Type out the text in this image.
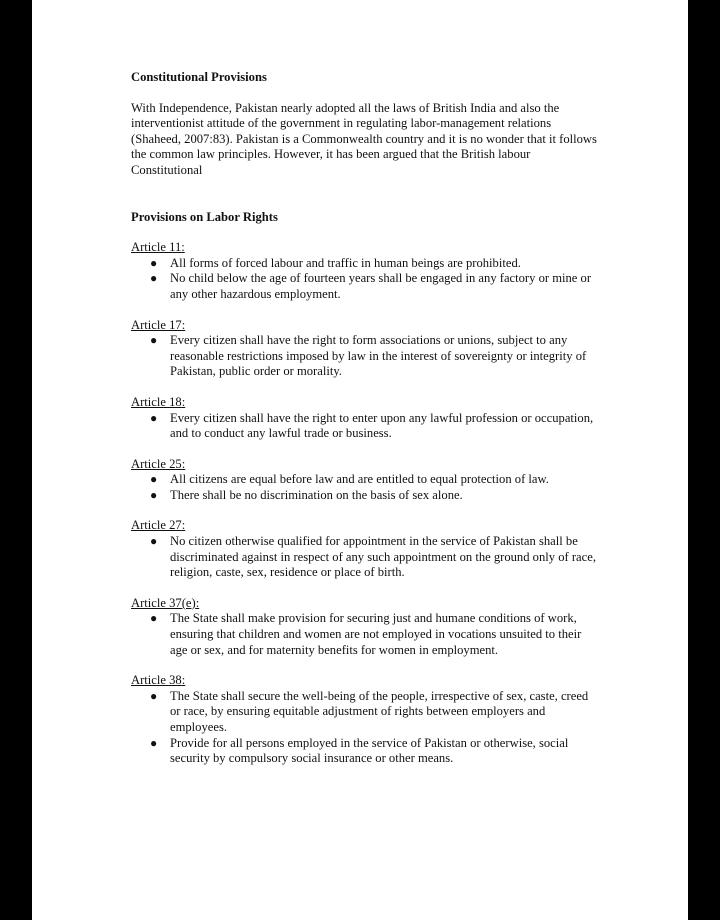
Constitutional Provisions

With Independence, Pakistan nearly adopted all the laws of British India and also the interventionist attitude of the government in regulating labor-management relations (Shaheed, 2007:83). Pakistan is a Commonwealth country and it is no wonder that it follows the common law principles. However, it has been argued that the British labour Constitutional

Provisions on Labor Rights

Article 11:

● All forms of forced labour and traffic in human beings are prohibited.
● No child below the age of fourteen years shall be engaged in any factory or mine or any other hazardous employment.

Article 17:

● Every citizen shall have the right to form associations or unions, subject to any reasonable restrictions imposed by law in the interest of sovereignty or integrity of Pakistan, public order or morality.

Article 18:

● Every citizen shall have the right to enter upon any lawful profession or occupation, and to conduct any lawful trade or business.

Article 25:

● All citizens are equal before law and are entitled to equal protection of law.
● There shall be no discrimination on the basis of sex alone.

Article 27:

● No citizen otherwise qualified for appointment in the service of Pakistan shall be discriminated against in respect of any such appointment on the ground only of race, religion, caste, sex, residence or place of birth.

Article 37(e):

● The State shall make provision for securing just and humane conditions of work, ensuring that children and women are not employed in vocations unsuited to their age or sex, and for maternity benefits for women in employment.

Article 38:

● The State shall secure the well-being of the people, irrespective of sex, caste, creed or race, by ensuring equitable adjustment of rights between employers and employees.
● Provide for all persons employed in the service of Pakistan or otherwise, social security by compulsory social insurance or other means.
